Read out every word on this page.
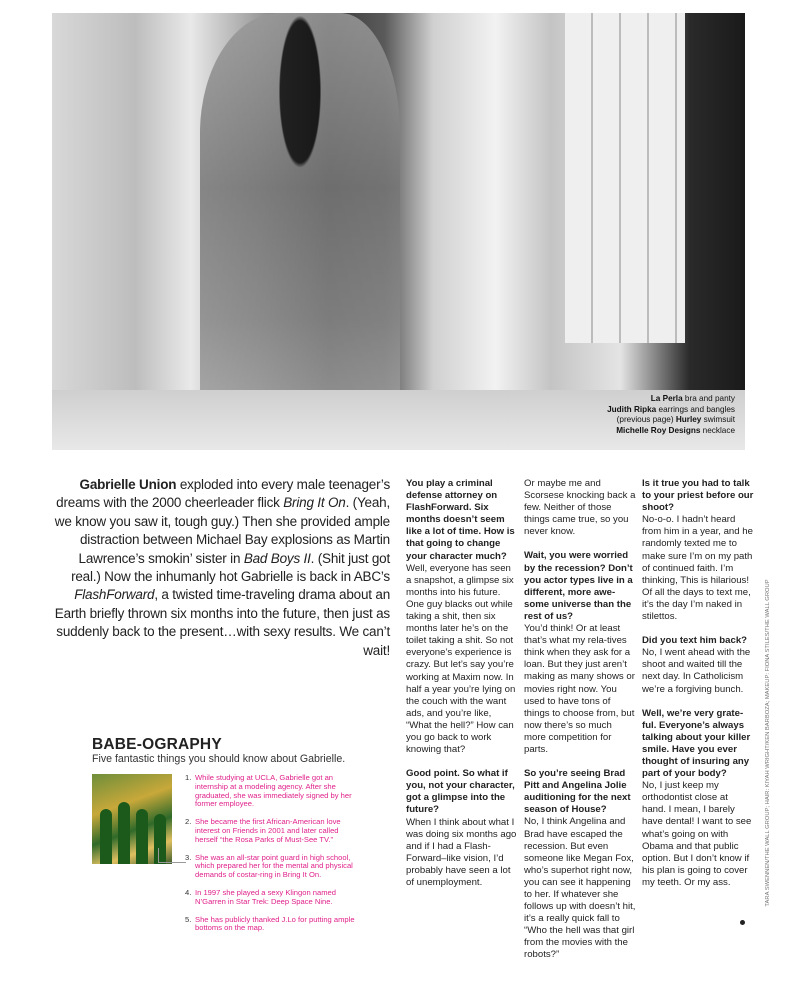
La Perla bra and panty
Judith Ripka earrings and bangles
(previous page) Hurley swimsuit
Michelle Roy Designs necklace
Gabrielle Union exploded into every male teenager’s dreams with the 2000 cheerleader flick Bring It On. (Yeah, we know you saw it, tough guy.) Then she provided ample distraction between Michael Bay explosions as Martin Lawrence’s smokin’ sister in Bad Boys II. (Shit just got real.) Now the inhumanly hot Gabrielle is back in ABC’s FlashForward, a twisted time-traveling drama about an Earth briefly thrown six months into the future, then just as suddenly back to the present…with sexy results. We can’t wait!

You play a criminal defense attorney on FlashForward. Six months doesn’t seem like a lot of time. How is that going to change your character much?
Well, everyone has seen a snapshot, a glimpse six months into his future. One guy blacks out while taking a shit, then six months later he’s on the toilet taking a shit. So not everyone’s experience is crazy. But let’s say you’re working at Maxim now. In half a year you’re lying on the couch with the want ads, and you’re like, “What the hell?” How can you go back to work knowing that?

Good point. So what if you, not your character, got a glimpse into the future?
When I think about what I was doing six months ago and if I had a Flash-Forward–like vision, I’d probably have seen a lot of unemployment.

Or maybe me and Scorsese knocking back a few. Neither of those things came true, so you never know.

Wait, you were worried by the recession? Don’t you actor types live in a different, more awe-some universe than the rest of us?
You’d think! Or at least that’s what my rela-tives think when they ask for a loan. But they just aren’t making as many shows or movies right now. You used to have tons of things to choose from, but now there’s so much more competition for parts.

So you’re seeing Brad Pitt and Angelina Jolie auditioning for the next season of House?
No, I think Angelina and Brad have escaped the recession. But even someone like Megan Fox, who’s superhot right now, you can see it happening to her. If whatever she follows up with doesn’t hit, it’s a really quick fall to “Who the hell was that girl from the movies with the robots?”

Is it true you had to talk to your priest before our shoot?
No-o-o. I hadn’t heard from him in a year, and he randomly texted me to make sure I’m on my path of continued faith. I’m thinking, This is hilarious! Of all the days to text me, it’s the day I’m naked in stilettos.

Did you text him back?
No, I went ahead with the shoot and waited till the next day. In Catholicism we’re a forgiving bunch.

Well, we’re very grate-ful. Everyone’s always talking about your killer smile. Have you ever thought of insuring any part of your body?
No, I just keep my orthodontist close at hand. I mean, I barely have dental! I want to see what’s going on with Obama and that public option. But I don’t know if his plan is going to cover my teeth. Or my ass.	TARA SWENNEN/THE WALL GROUP; HAIR: KIYAH WRIGHT/KEN BARBOZA; MAKEUP: FIONA STILES/THE WALL GROUP
BABE-OGRAPHY
Five fantastic things you should know about Gabrielle.
1. While studying at UCLA, Gabrielle got an internship at a modeling agency. After she graduated, she was immediately signed by her former employee.
2. She became the first African-American love interest on Friends in 2001 and later called herself “the Rosa Parks of Must-See TV.”
3. She was an all-star point guard in high school, which prepared her for the mental and physical demands of costar-ring in Bring It On.
4. In 1997 she played a sexy Klingon named N’Garren in Star Trek: Deep Space Nine.
5. She has publicly thanked J.Lo for putting ample bottoms on the map.
